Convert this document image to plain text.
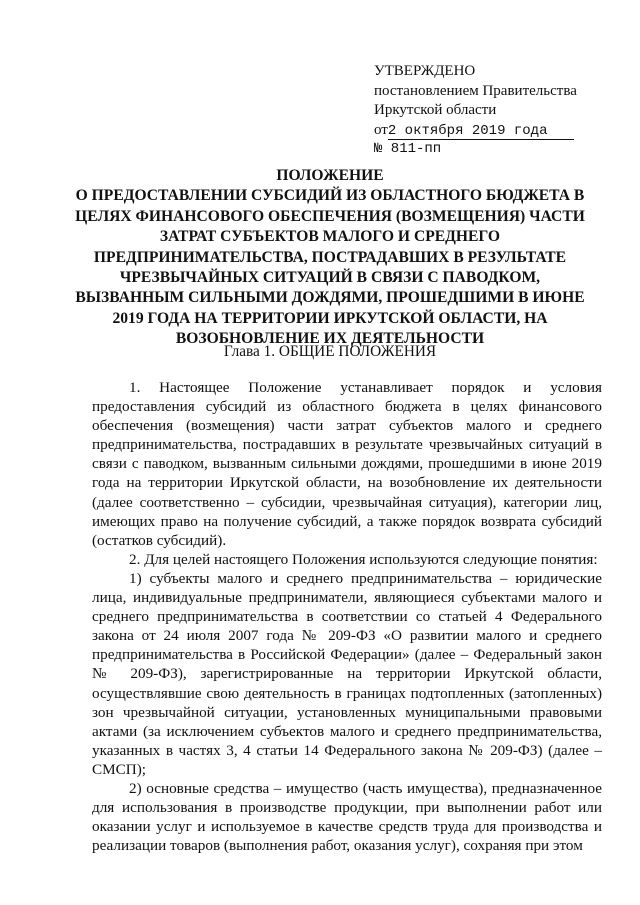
УТВЕРЖДЕНО
постановлением Правительства
Иркутской области
от2 октября 2019 года
№ 811-пп
ПОЛОЖЕНИЕ
О ПРЕДОСТАВЛЕНИИ СУБСИДИЙ ИЗ ОБЛАСТНОГО БЮДЖЕТА В
ЦЕЛЯХ ФИНАНСОВОГО ОБЕСПЕЧЕНИЯ (ВОЗМЕЩЕНИЯ) ЧАСТИ
ЗАТРАТ СУБЪЕКТОВ МАЛОГО И СРЕДНЕГО
ПРЕДПРИНИМАТЕЛЬСТВА, ПОСТРАДАВШИХ В РЕЗУЛЬТАТЕ
ЧРЕЗВЫЧАЙНЫХ СИТУАЦИЙ В СВЯЗИ С ПАВОДКОМ,
ВЫЗВАННЫМ СИЛЬНЫМИ ДОЖДЯМИ, ПРОШЕДШИМИ В ИЮНЕ
2019 ГОДА НА ТЕРРИТОРИИ ИРКУТСКОЙ ОБЛАСТИ, НА
ВОЗОБНОВЛЕНИЕ ИХ ДЕЯТЕЛЬНОСТИ
Глава 1. ОБЩИЕ ПОЛОЖЕНИЯ

1. Настоящее Положение устанавливает порядок и условия предоставления субсидий из областного бюджета в целях финансового обеспечения (возмещения) части затрат субъектов малого и среднего предпринимательства, пострадавших в результате чрезвычайных ситуаций в связи с паводком, вызванным сильными дождями, прошедшими в июне 2019 года на территории Иркутской области, на возобновление их деятельности (далее соответственно – субсидии, чрезвычайная ситуация), категории лиц, имеющих право на получение субсидий, а также порядок возврата субсидий (остатков субсидий).

2. Для целей настоящего Положения используются следующие понятия:

1) субъекты малого и среднего предпринимательства – юридические лица, индивидуальные предприниматели, являющиеся субъектами малого и среднего предпринимательства в соответствии со статьей 4 Федерального закона от 24 июля 2007 года № 209-ФЗ «О развитии малого и среднего предпринимательства в Российской Федерации» (далее – Федеральный закон № 209-ФЗ), зарегистрированные на территории Иркутской области, осуществлявшие свою деятельность в границах подтопленных (затопленных) зон чрезвычайной ситуации, установленных муниципальными правовыми актами (за исключением субъектов малого и среднего предпринимательства, указанных в частях 3, 4 статьи 14 Федерального закона № 209-ФЗ) (далее – СМСП);

2) основные средства – имущество (часть имущества), предназначенное для использования в производстве продукции, при выполнении работ или оказании услуг и используемое в качестве средств труда для производства и реализации товаров (выполнения работ, оказания услуг), сохраняя при этом
